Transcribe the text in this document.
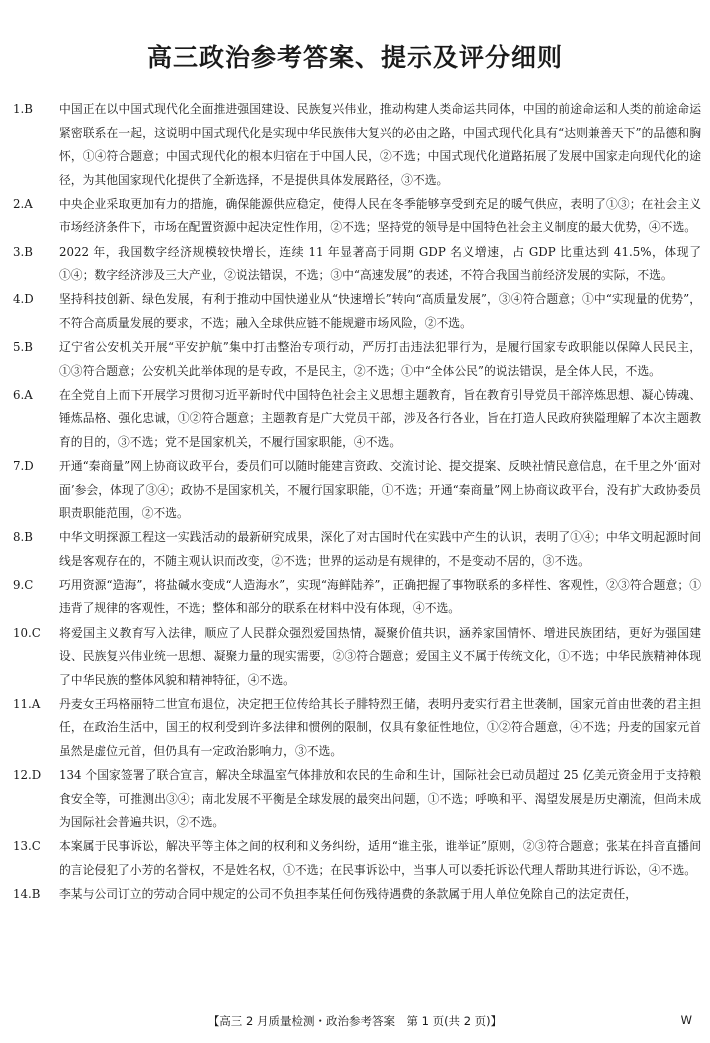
高三政治参考答案、提示及评分细则
1.B	中国正在以中国式现代化全面推进强国建设、民族复兴伟业，推动构建人类命运共同体，中国的前途命运和人类的前途命运紧密联系在一起，这说明中国式现代化是实现中华民族伟大复兴的必由之路，中国式现代化具有“达则兼善天下”的品德和胸怀，①④符合题意；中国式现代化的根本归宿在于中国人民，②不选；中国式现代化道路拓展了发展中国家走向现代化的途径，为其他国家现代化提供了全新选择，不是提供具体发展路径，③不选。
2.A	中央企业采取更加有力的措施，确保能源供应稳定，使得人民在冬季能够享受到充足的暖气供应，表明了①③；在社会主义市场经济条件下，市场在配置资源中起决定性作用，②不选；坚持党的领导是中国特色社会主义制度的最大优势，④不选。
3.B	2022 年，我国数字经济规模较快增长，连续 11 年显著高于同期 GDP 名义增速，占 GDP 比重达到 41.5%，体现了①④；数字经济涉及三大产业，②说法错误，不选；③中“高速发展”的表述，不符合我国当前经济发展的实际，不选。
4.D	坚持科技创新、绿色发展，有利于推动中国快递业从“快速增长”转向“高质量发展”，③④符合题意；①中“实现量的优势”，不符合高质量发展的要求，不选；融入全球供应链不能规避市场风险，②不选。
5.B	辽宁省公安机关开展“平安护航”集中打击整治专项行动，严厉打击违法犯罪行为，是履行国家专政职能以保障人民民主，①③符合题意；公安机关此举体现的是专政，不是民主，②不选；①中“全体公民”的说法错误，是全体人民，不选。
6.A	在全党自上而下开展学习贯彻习近平新时代中国特色社会主义思想主题教育，旨在教育引导党员干部淬炼思想、凝心铸魂、锤炼品格、强化忠诚，①②符合题意；主题教育是广大党员干部，涉及各行各业，旨在打造人民政府狭隘理解了本次主题教育的目的，③不选；党不是国家机关，不履行国家职能，④不选。
7.D	开通“秦商量”网上协商议政平台，委员们可以随时能建言资政、交流讨论、提交提案、反映社情民意信息，在千里之外‘面对面’参会，体现了③④；政协不是国家机关，不履行国家职能，①不选；开通“秦商量”网上协商议政平台，没有扩大政协委员职责职能范围，②不选。
8.B	中华文明探源工程这一实践活动的最新研究成果，深化了对古国时代在实践中产生的认识，表明了①④；中华文明起源时间线是客观存在的，不随主观认识而改变，②不选；世界的运动是有规律的，不是变动不居的，③不选。
9.C	巧用资源“造海”，将盐碱水变成“人造海水”，实现“海鲜陆养”，正确把握了事物联系的多样性、客观性，②③符合题意；①违背了规律的客观性，不选；整体和部分的联系在材料中没有体现，④不选。
10.C	将爱国主义教育写入法律，顺应了人民群众强烈爱国热情，凝聚价值共识，涵养家国情怀、增进民族团结，更好为强国建设、民族复兴伟业统一思想、凝聚力量的现实需要，②③符合题意；爱国主义不属于传统文化，①不选；中华民族精神体现了中华民族的整体风貌和精神特征，④不选。
11.A	丹麦女王玛格丽特二世宣布退位，决定把王位传给其长子腓特烈王储，表明丹麦实行君主世袭制，国家元首由世袭的君主担任，在政治生活中，国王的权利受到许多法律和惯例的限制，仅具有象征性地位，①②符合题意，④不选；丹麦的国家元首虽然是虚位元首，但仍具有一定政治影响力，③不选。
12.D	134 个国家签署了联合宣言，解决全球温室气体排放和农民的生命和生计，国际社会已动员超过 25 亿美元资金用于支持粮食安全等，可推测出③④；南北发展不平衡是全球发展的最突出问题，①不选；呼唤和平、渴望发展是历史潮流，但尚未成为国际社会普遍共识，②不选。
13.C	本案属于民事诉讼，解决平等主体之间的权利和义务纠纷，适用“谁主张，谁举证”原则，②③符合题意；张某在抖音直播间的言论侵犯了小芳的名誉权，不是姓名权，①不选；在民事诉讼中，当事人可以委托诉讼代理人帮助其进行诉讼，④不选。
14.B	李某与公司订立的劳动合同中规定的公司不负担李某任何伤残待遇费的条款属于用人单位免除自己的法定责任，
【高三 2 月质量检测・政治参考答案　第 1 页(共 2 页)】	W
